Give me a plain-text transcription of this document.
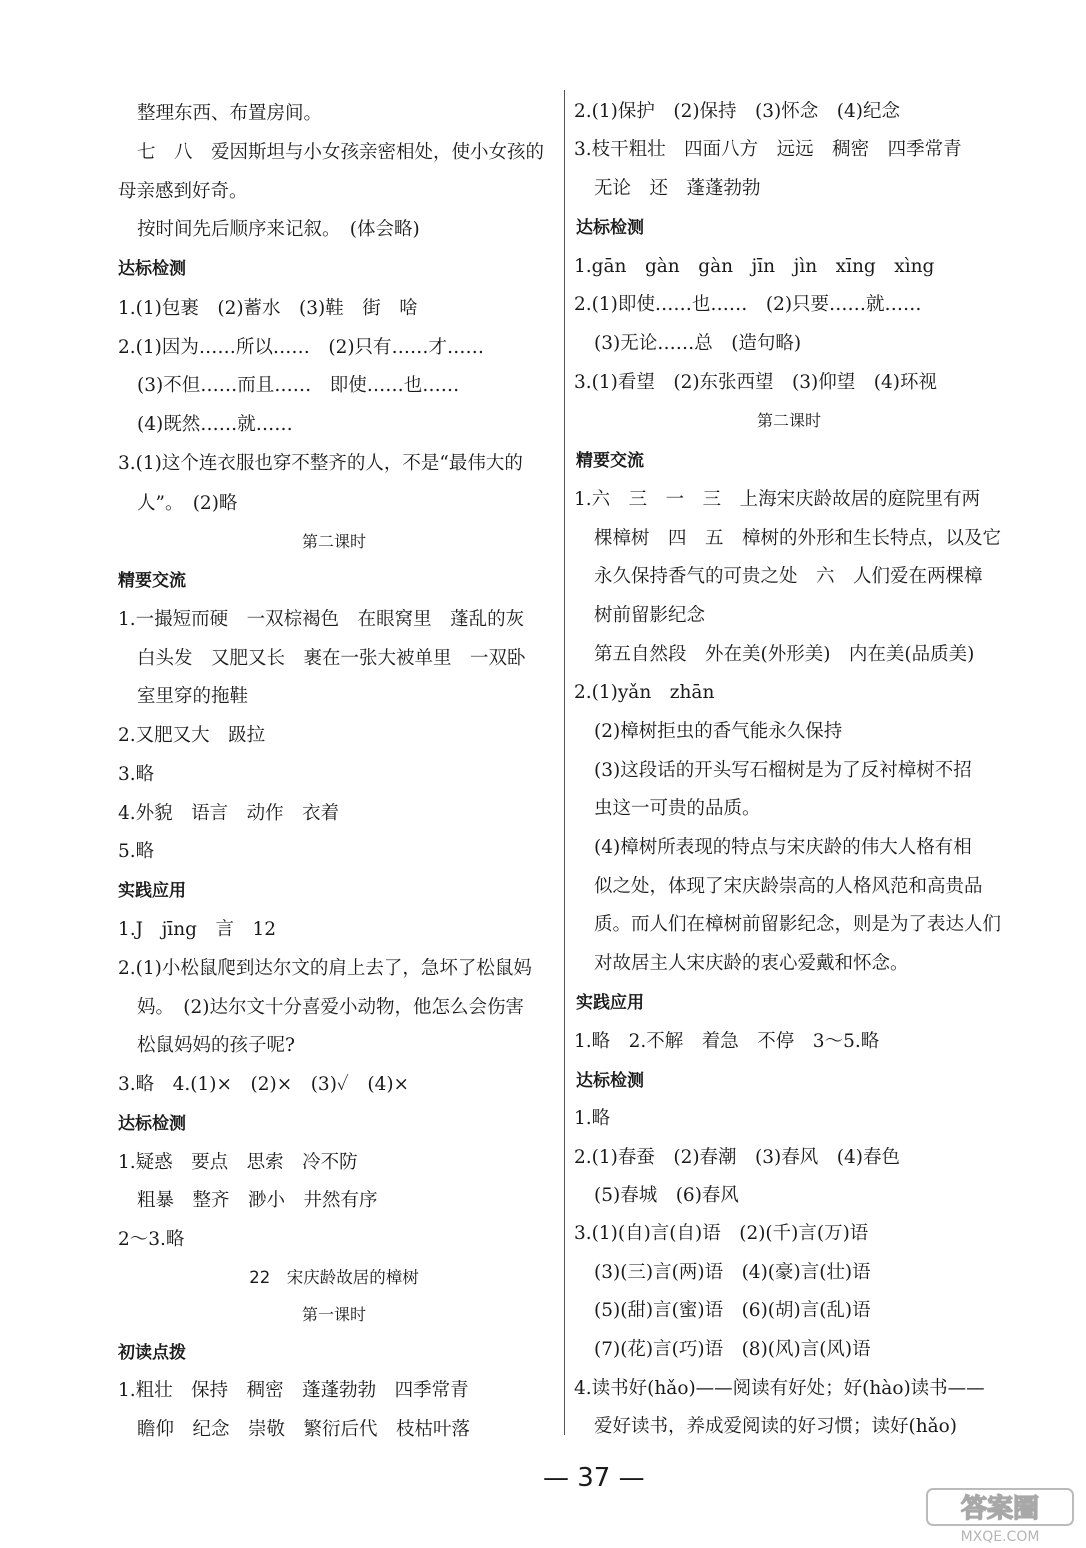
整理东西、布置房间。
七　八　爱因斯坦与小女孩亲密相处，使小女孩的
母亲感到好奇。
按时间先后顺序来记叙。　(体会略)
达标检测
1.(1)包裹　(2)蓄水　(3)鞋　街　啥
2.(1)因为……所以……　(2)只有……才……
(3)不但……而且……　即使……也……
(4)既然……就……
3.(1)这个连衣服也穿不整齐的人，不是“最伟大的
人”。　(2)略
第二课时
精要交流
1.一撮短而硬　一双棕褐色　在眼窝里　蓬乱的灰
白头发　又肥又长　裹在一张大被单里　一双卧
室里穿的拖鞋
2.又肥又大　趿拉
3.略
4.外貌　语言　动作　衣着
5.略
实践应用
1.J　jīng　言　12
2.(1)小松鼠爬到达尔文的肩上去了，急坏了松鼠妈
妈。　(2)达尔文十分喜爱小动物，他怎么会伤害
松鼠妈妈的孩子呢?
3.略　4.(1)×　(2)×　(3)✓　(4)×
达标检测
1.疑惑　要点　思索　冷不防
粗暴　整齐　渺小　井然有序
2～3.略
22　宋庆龄故居的樟树
第一课时
初读点拨
1.粗壮　保持　稠密　蓬蓬勃勃　四季常青
瞻仰　纪念　崇敬　繁衍后代　枝枯叶落
2.(1)保护　(2)保持　(3)怀念　(4)纪念
3.枝干粗壮　四面八方　远远　稠密　四季常青
无论　还　蓬蓬勃勃
达标检测
1.gān　gàn　gàn　jīn　jìn　xīng　xìng
2.(1)即使……也……　(2)只要……就……
(3)无论……总　(造句略)
3.(1)看望　(2)东张西望　(3)仰望　(4)环视
第二课时
精要交流
1.六　三　一　三　上海宋庆龄故居的庭院里有两
棵樟树　四　五　樟树的外形和生长特点，以及它
永久保持香气的可贵之处　六　人们爱在两棵樟
树前留影纪念
第五自然段　外在美(外形美)　内在美(品质美)
2.(1)yǎn　zhān
(2)樟树拒虫的香气能永久保持
(3)这段话的开头写石榴树是为了反衬樟树不招
虫这一可贵的品质。
(4)樟树所表现的特点与宋庆龄的伟大人格有相
似之处，体现了宋庆龄崇高的人格风范和高贵品
质。而人们在樟树前留影纪念，则是为了表达人们
对故居主人宋庆龄的衷心爱戴和怀念。
实践应用
1.略　2.不解　着急　不停　3～5.略
达标检测
1.略
2.(1)春蚕　(2)春潮　(3)春风　(4)春色
(5)春城　(6)春风
3.(1)(自)言(自)语　(2)(千)言(万)语
(3)(三)言(两)语　(4)(豪)言(壮)语
(5)(甜)言(蜜)语　(6)(胡)言(乱)语
(7)(花)言(巧)语　(8)(风)言(风)语
4.读书好(hǎo)——阅读有好处；好(hào)读书——
爱好读书，养成爱阅读的好习惯；读好(hǎo)
— 37 —
答案圈
MXQE.COM
